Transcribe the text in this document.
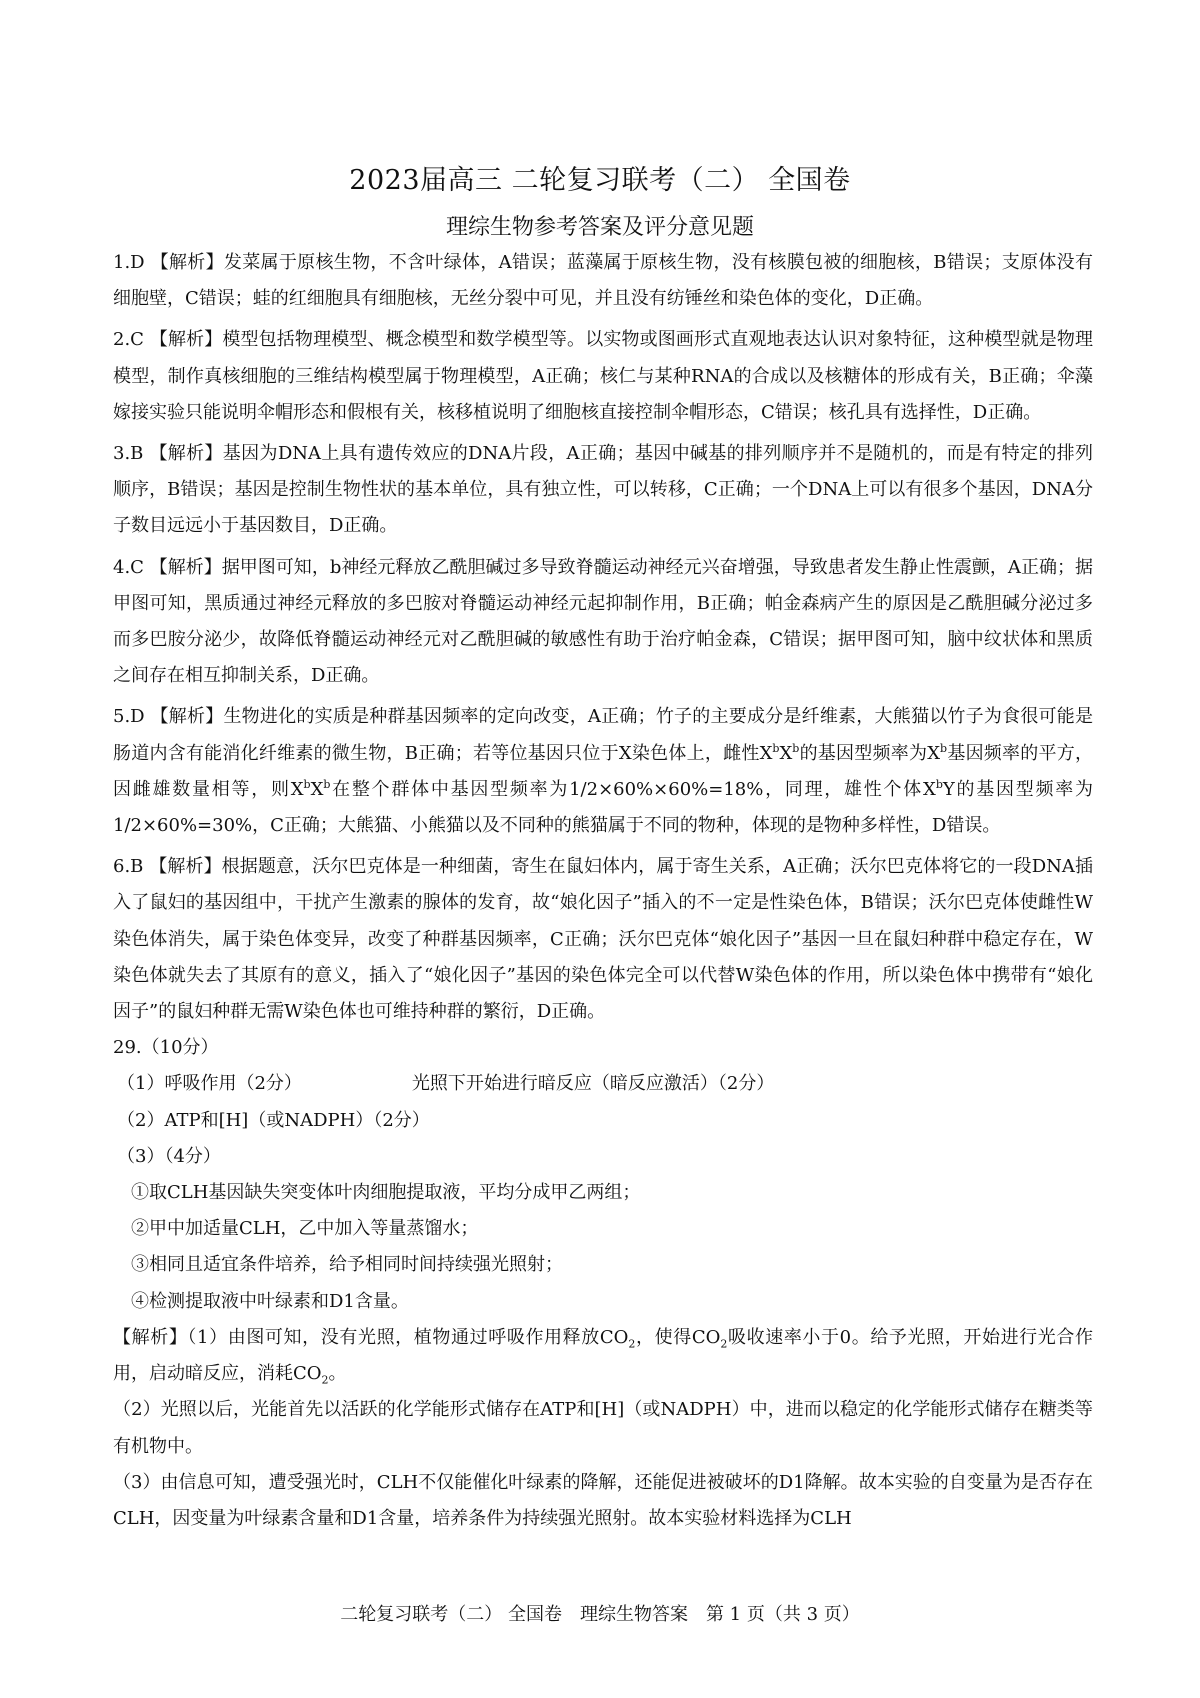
2023届高三 二轮复习联考（二） 全国卷
理综生物参考答案及评分意见题

1.D 【解析】发菜属于原核生物，不含叶绿体，A错误；蓝藻属于原核生物，没有核膜包被的细胞核，B错误；支原体没有细胞壁，C错误；蛙的红细胞具有细胞核，无丝分裂中可见，并且没有纺锤丝和染色体的变化，D正确。

2.C 【解析】模型包括物理模型、概念模型和数学模型等。以实物或图画形式直观地表达认识对象特征，这种模型就是物理模型，制作真核细胞的三维结构模型属于物理模型，A正确；核仁与某种RNA的合成以及核糖体的形成有关，B正确；伞藻嫁接实验只能说明伞帽形态和假根有关，核移植说明了细胞核直接控制伞帽形态，C错误；核孔具有选择性，D正确。

3.B 【解析】基因为DNA上具有遗传效应的DNA片段，A正确；基因中碱基的排列顺序并不是随机的，而是有特定的排列顺序，B错误；基因是控制生物性状的基本单位，具有独立性，可以转移，C正确；一个DNA上可以有很多个基因，DNA分子数目远远小于基因数目，D正确。

4.C 【解析】据甲图可知，b神经元释放乙酰胆碱过多导致脊髓运动神经元兴奋增强，导致患者发生静止性震颤，A正确；据甲图可知，黑质通过神经元释放的多巴胺对脊髓运动神经元起抑制作用，B正确；帕金森病产生的原因是乙酰胆碱分泌过多而多巴胺分泌少，故降低脊髓运动神经元对乙酰胆碱的敏感性有助于治疗帕金森，C错误；据甲图可知，脑中纹状体和黑质之间存在相互抑制关系，D正确。

5.D 【解析】生物进化的实质是种群基因频率的定向改变，A正确；竹子的主要成分是纤维素，大熊猫以竹子为食很可能是肠道内含有能消化纤维素的微生物，B正确；若等位基因只位于X染色体上，雌性$X^bX^b$的基因型频率为$X^b$基因频率的平方，因雌雄数量相等，则$X^bX^b$在整个群体中基因型频率为1/2×60%×60%=18%，同理，雄性个体$X^bY$的基因型频率为1/2×60%=30%，C正确；大熊猫、小熊猫以及不同种的熊猫属于不同的物种，体现的是物种多样性，D错误。

6.B 【解析】根据题意，沃尔巴克体是一种细菌，寄生在鼠妇体内，属于寄生关系，A正确；沃尔巴克体将它的一段DNA插入了鼠妇的基因组中，干扰产生激素的腺体的发育，故“娘化因子”插入的不一定是性染色体，B错误；沃尔巴克体使雌性W染色体消失，属于染色体变异，改变了种群基因频率，C正确；沃尔巴克体“娘化因子”基因一旦在鼠妇种群中稳定存在，W染色体就失去了其原有的意义，插入了“娘化因子”基因的染色体完全可以代替W染色体的作用，所以染色体中携带有“娘化因子”的鼠妇种群无需W染色体也可维持种群的繁衍，D正确。

29.（10分）

（1）呼吸作用（2分）	光照下开始进行暗反应（暗反应激活）（2分）

（2）ATP和[H]（或NADPH）（2分）

（3）（4分）

①取CLH基因缺失突变体叶肉细胞提取液，平均分成甲乙两组；

②甲中加适量CLH，乙中加入等量蒸馏水；

③相同且适宜条件培养，给予相同时间持续强光照射；

④检测提取液中叶绿素和D1含量。

【解析】（1）由图可知，没有光照，植物通过呼吸作用释放$CO_2$，使得$CO_2$吸收速率小于0。给予光照，开始进行光合作用，启动暗反应，消耗$CO_2$。

（2）光照以后，光能首先以活跃的化学能形式储存在ATP和[H]（或NADPH）中，进而以稳定的化学能形式储存在糖类等有机物中。

（3）由信息可知，遭受强光时，CLH不仅能催化叶绿素的降解，还能促进被破坏的D1降解。故本实验的自变量为是否存在CLH，因变量为叶绿素含量和D1含量，培养条件为持续强光照射。故本实验材料选择为CLH

二轮复习联考（二） 全国卷　理综生物答案　第 1 页（共 3 页）
